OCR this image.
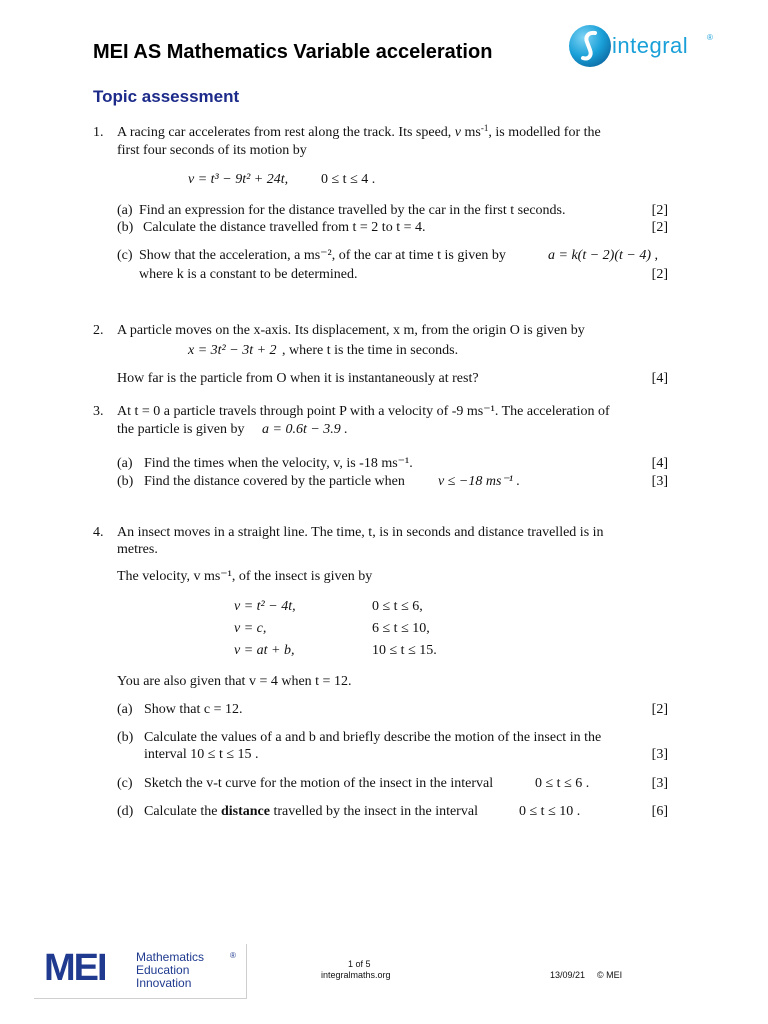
MEI AS Mathematics Variable acceleration	integral ®
Topic assessment
1. A racing car accelerates from rest along the track. Its speed, v $ms^{-1}$, is modelled for the
first four seconds of its motion by
v = t³ − 9t² + 24t, 0 ≤ t ≤ 4 .
(a) Find an expression for the distance travelled by the car in the first t seconds.	[2]
(b) Calculate the distance travelled from t = 2 to t = 4.	[2]
(c) Show that the acceleration, a ms⁻², of the car at time t is given by	a = k(t − 2)(t − 4) ,
where k is a constant to be determined.	[2]
2. A particle moves on the x-axis. Its displacement, x m, from the origin O is given by
x = 3t² − 3t + 2 , where t is the time in seconds.
How far is the particle from O when it is instantaneously at rest?	[4]
3. At t = 0 a particle travels through point P with a velocity of -9 ms⁻¹. The acceleration of
the particle is given by a = 0.6t − 3.9 .
(a) Find the times when the velocity, v, is -18 ms⁻¹.	[4]
(b) Find the distance covered by the particle when v ≤ −18 ms⁻¹ .	[3]
4. An insect moves in a straight line. The time, t, is in seconds and distance travelled is in
metres.
The velocity, v ms⁻¹, of the insect is given by
v = t² − 4t,	0 ≤ t ≤ 6,
v = c,	6 ≤ t ≤ 10,
v = at + b,	10 ≤ t ≤ 15.
You are also given that v = 4 when t = 12.
(a) Show that c = 12.	[2]
(b) Calculate the values of a and b and briefly describe the motion of the insect in the
interval 10 ≤ t ≤ 15 .	[3]
(c) Sketch the v-t curve for the motion of the insect in the interval	0 ≤ t ≤ 6 .	[3]
(d) Calculate the distance travelled by the insect in the interval	0 ≤ t ≤ 10 .	[6]
MEI	Mathematics	®
Education
Innovation
1 of 5
integralmaths.org	13/09/21 © MEI
